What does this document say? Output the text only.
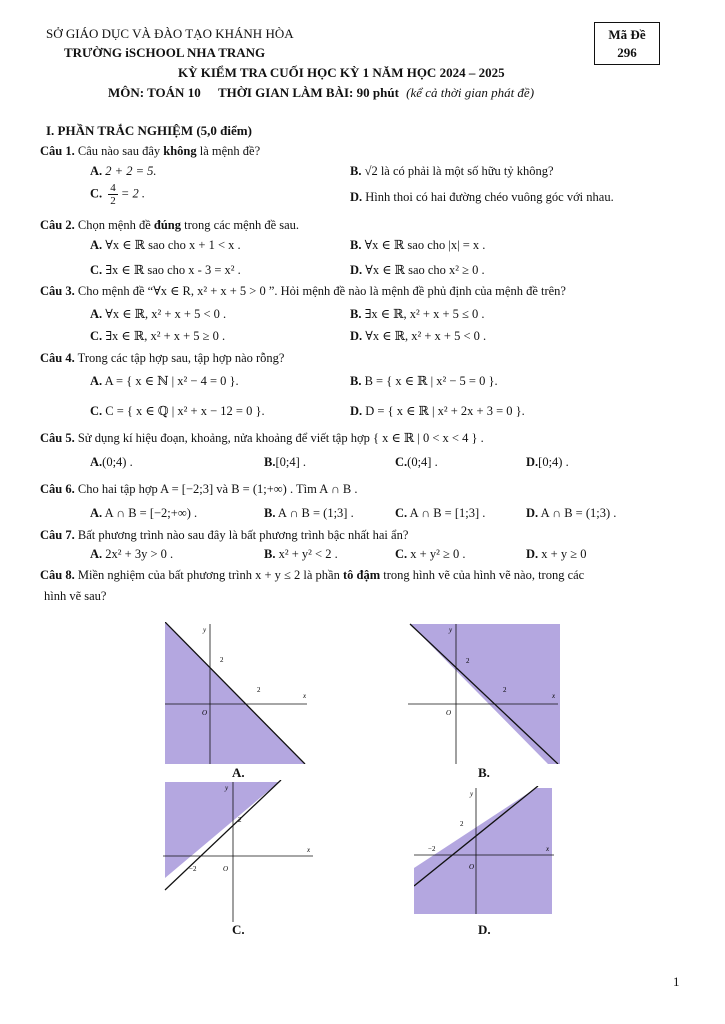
SỞ GIÁO DỤC VÀ ĐÀO TẠO KHÁNH HÒA
TRƯỜNG iSCHOOL NHA TRANG
Mã Đề
296
KỲ KIỂM TRA CUỐI HỌC KỲ 1 NĂM HỌC 2024 – 2025
MÔN: TOÁN 10 THỜI GIAN LÀM BÀI: 90 phút (kể cả thời gian phát đề)
I. PHẦN TRẮC NGHIỆM (5,0 điểm)
Câu 1. Câu nào sau đây không là mệnh đề?
A. 2 + 2 = 5.	B. √2 là có phải là một số hữu tỷ không?
C. $\frac{4}{2} = 2$ .	D. Hình thoi có hai đường chéo vuông góc với nhau.
Câu 2. Chọn mệnh đề đúng trong các mệnh đề sau.
A. ∀x ∈ ℝ sao cho x + 1 < x .	B. ∀x ∈ ℝ sao cho |x| = x .
C. ∃x ∈ ℝ sao cho x - 3 = x² .	D. ∀x ∈ ℝ sao cho x² ≥ 0 .
Câu 3. Cho mệnh đề “∀x ∈ R, x² + x + 5 > 0 ”. Hỏi mệnh đề nào là mệnh đề phủ định của mệnh đề trên?
A. ∀x ∈ ℝ, x² + x + 5 < 0 .	B. ∃x ∈ ℝ, x² + x + 5 ≤ 0 .
C. ∃x ∈ ℝ, x² + x + 5 ≥ 0 .	D. ∀x ∈ ℝ, x² + x + 5 < 0 .
Câu 4. Trong các tập hợp sau, tập hợp nào rỗng?
A. A = { x ∈ ℕ | x² − 4 = 0 }.	B. B = { x ∈ ℝ | x² − 5 = 0 }.
C. C = { x ∈ ℚ | x² + x − 12 = 0 }.	D. D = { x ∈ ℝ | x² + 2x + 3 = 0 }.
Câu 5. Sử dụng kí hiệu đoạn, khoảng, nửa khoảng để viết tập hợp { x ∈ ℝ | 0 < x < 4 } .
A.(0;4) .	B.[0;4] .	C.(0;4] .	D.[0;4) .
Câu 6. Cho hai tập hợp A = [−2;3] và B = (1;+∞) . Tìm A ∩ B .
A. A ∩ B = [−2;+∞) .	B. A ∩ B = (1;3] .	C. A ∩ B = [1;3] .	D. A ∩ B = (1;3) .
Câu 7. Bất phương trình nào sau đây là bất phương trình bậc nhất hai ẩn?
A. 2x² + 3y > 0 .	B. x² + y² < 2 .	C. x + y² ≥ 0 .	D. x + y ≥ 0
Câu 8. Miền nghiệm của bất phương trình x + y ≤ 2 là phần tô đậm trong hình vẽ của hình vẽ nào, trong các
hình vẽ sau?
y
x
O
2
2
A.
y
x
O
2
2
B.
y
x
O
2
−2
C.
y
x
O
2
−2
D.
1
